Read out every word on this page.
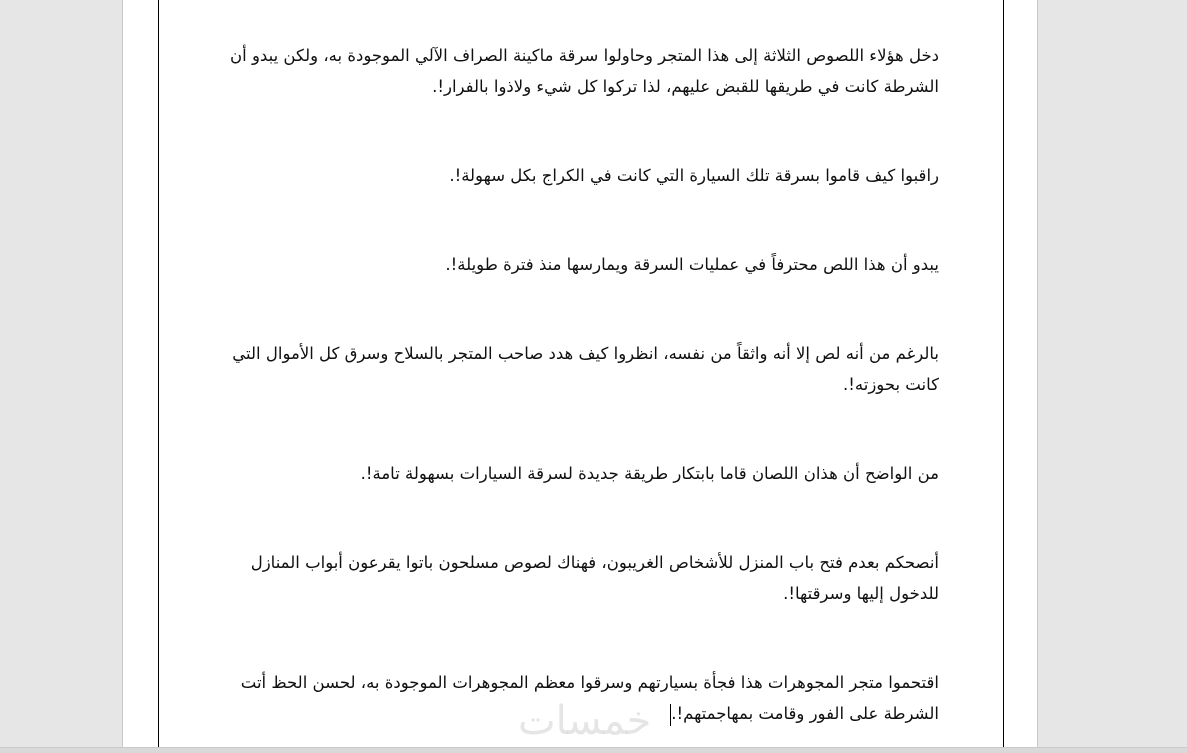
دخل هؤلاء اللصوص الثلاثة إلى هذا المتجر وحاولوا سرقة ماكينة الصراف الآلي الموجودة به، ولكن يبدو أن الشرطة كانت في طريقها للقبض عليهم، لذا تركوا كل شيء ولاذوا بالفرار!.

راقبوا كيف قاموا بسرقة تلك السيارة التي كانت في الكراج بكل سهولة!.

يبدو أن هذا اللص محترفاً في عمليات السرقة ويمارسها منذ فترة طويلة!.

بالرغم من أنه لص إلا أنه واثقاً من نفسه، انظروا كيف هدد صاحب المتجر بالسلاح وسرق كل الأموال التي كانت بحوزته!.

من الواضح أن هذان اللصان قاما بابتكار طريقة جديدة لسرقة السيارات بسهولة تامة!.

أنصحكم بعدم فتح باب المنزل للأشخاص الغريبون، فهناك لصوص مسلحون باتوا يقرعون أبواب المنازل للدخول إليها وسرقتها!.

اقتحموا متجر المجوهرات هذا فجأة بسيارتهم وسرقوا معظم المجوهرات الموجودة به، لحسن الحظ أتت الشرطة على الفور وقامت بمهاجمتهم!.

خمسات
